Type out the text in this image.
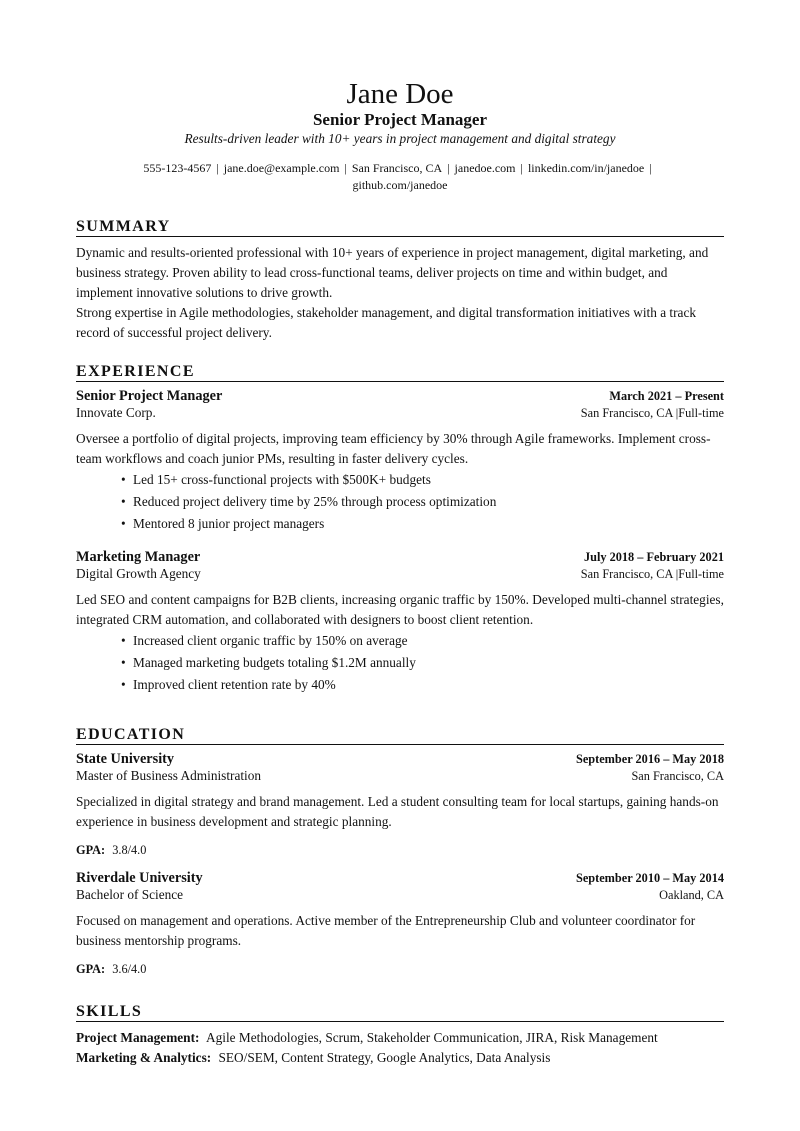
Jane Doe

Senior Project Manager

Results-driven leader with 10+ years in project management and digital strategy

555-123-4567 | jane.doe@example.com | San Francisco, CA | janedoe.com | linkedin.com/in/janedoe |
github.com/janedoe
SUMMARY

Dynamic and results-oriented professional with 10+ years of experience in project management, digital marketing, and business strategy. Proven ability to lead cross-functional teams, deliver projects on time and within budget, and implement innovative solutions to drive growth.

Strong expertise in Agile methodologies, stakeholder management, and digital transformation initiatives with a track record of successful project delivery.

EXPERIENCE
Senior Project Manager	March 2021 – Present
Innovate Corp.	San Francisco, CA |Full-time

Oversee a portfolio of digital projects, improving team efficiency by 30% through Agile frameworks. Implement cross-team workflows and coach junior PMs, resulting in faster delivery cycles.

• Led 15+ cross-functional projects with $500K+ budgets
• Reduced project delivery time by 25% through process optimization
• Mentored 8 junior project managers
Marketing Manager	July 2018 – February 2021
Digital Growth Agency	San Francisco, CA |Full-time

Led SEO and content campaigns for B2B clients, increasing organic traffic by 150%. Developed multi-channel strategies, integrated CRM automation, and collaborated with designers to boost client retention.

• Increased client organic traffic by 150% on average
• Managed marketing budgets totaling $1.2M annually
• Improved client retention rate by 40%
EDUCATION
State University	September 2016 – May 2018
Master of Business Administration	San Francisco, CA

Specialized in digital strategy and brand management. Led a student consulting team for local startups, gaining hands-on experience in business development and strategic planning.

GPA: 3.8/4.0
Riverdale University	September 2010 – May 2014
Bachelor of Science	Oakland, CA

Focused on management and operations. Active member of the Entrepreneurship Club and volunteer coordinator for business mentorship programs.

GPA: 3.6/4.0
SKILLS
Project Management: Agile Methodologies, Scrum, Stakeholder Communication, JIRA, Risk Management
Marketing & Analytics: SEO/SEM, Content Strategy, Google Analytics, Data Analysis
